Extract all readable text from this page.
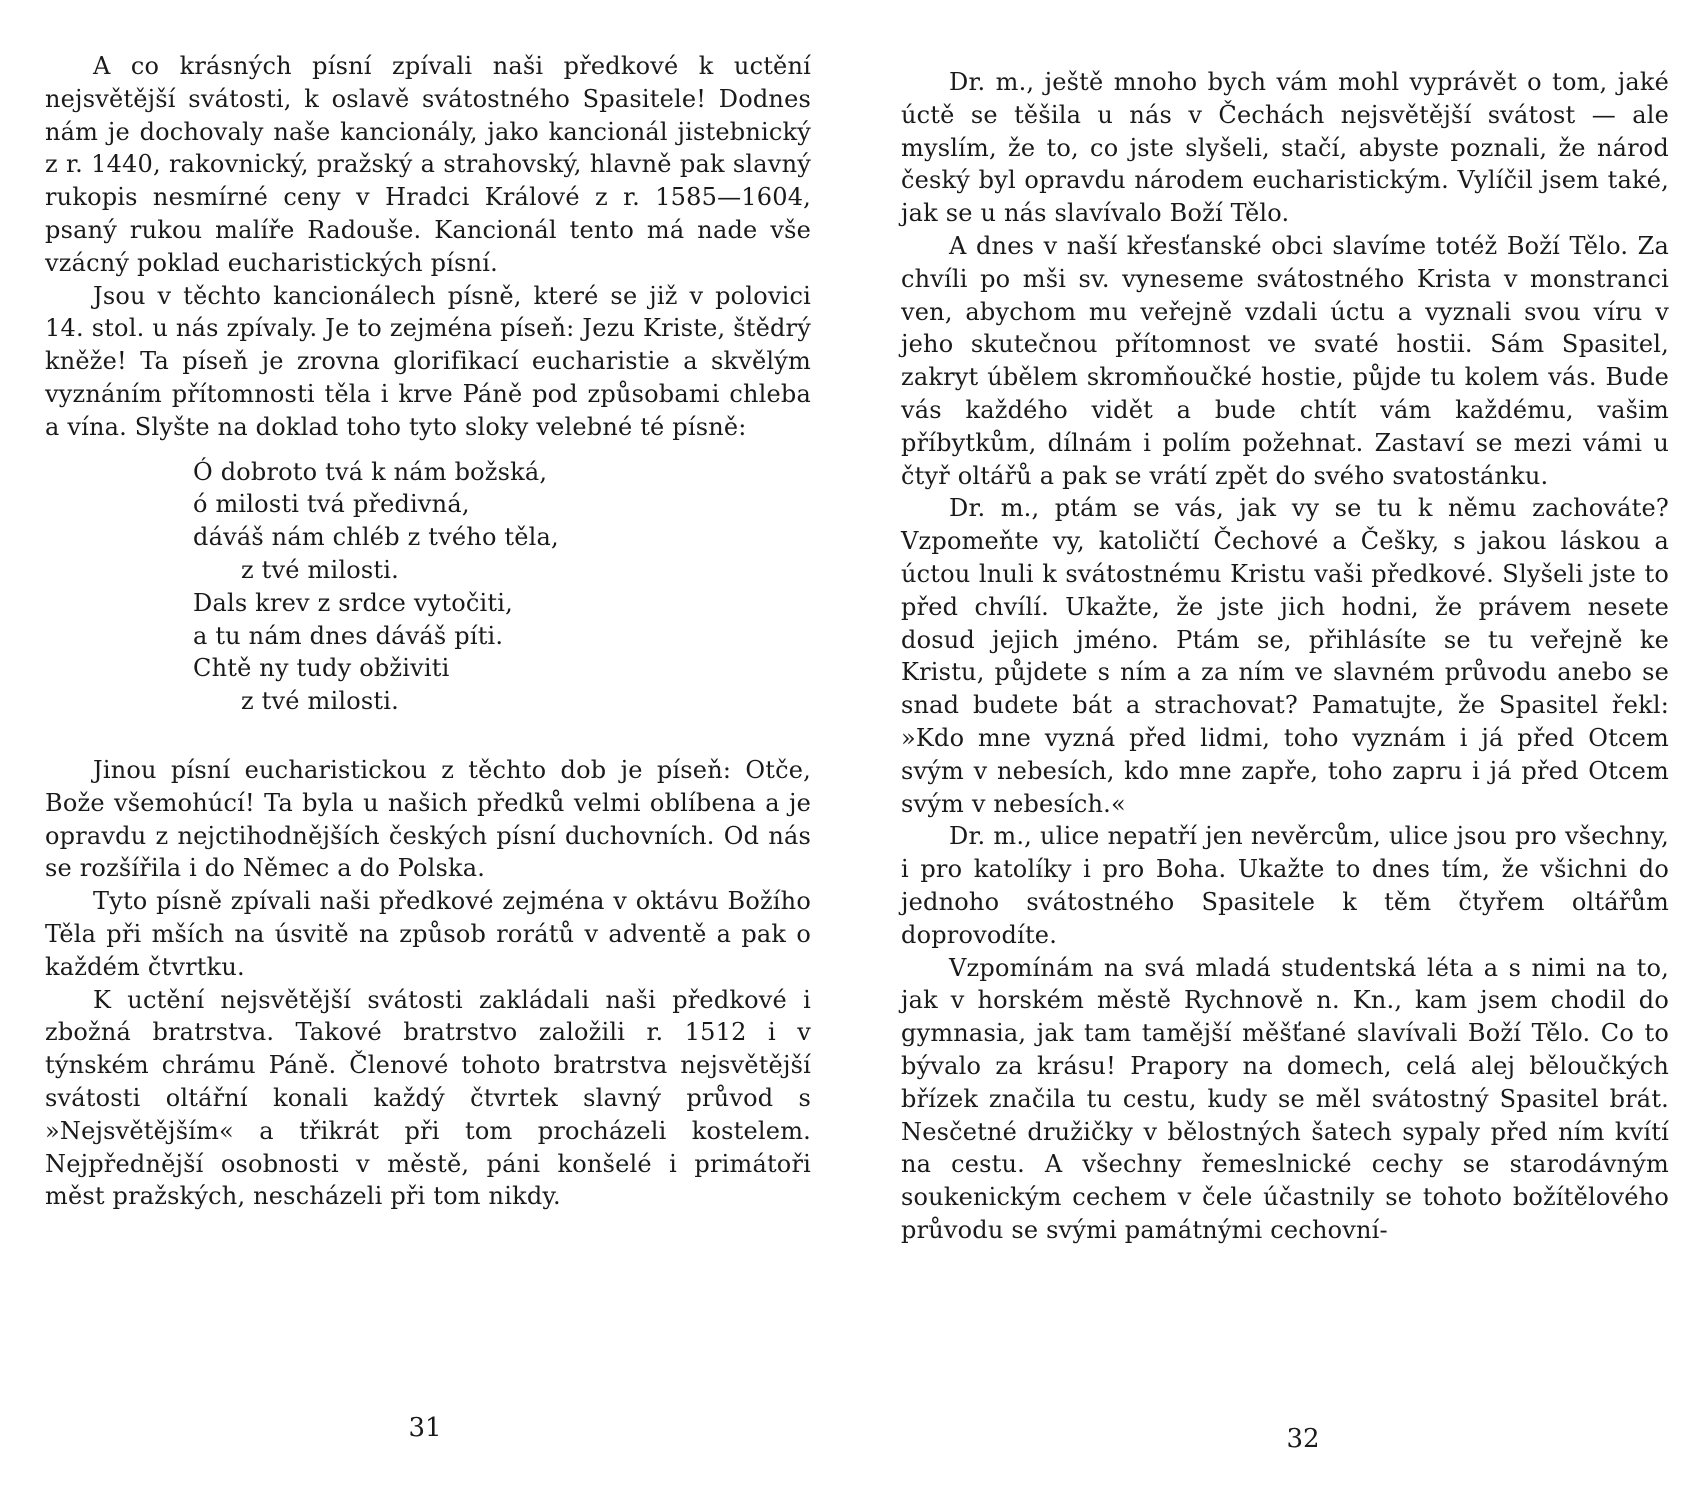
A co krásných písní zpívali naši předkové k uctění nejsvětější svátosti, k oslavě svátostného Spasitele! Dodnes nám je dochovaly naše kancionály, jako kancionál jistebnický z r. 1440, rakovnický, pražský a strahovský, hlavně pak slavný rukopis nesmírné ceny v Hradci Králové z r. 1585—1604, psaný rukou malíře Radouše. Kancionál tento má nade vše vzácný poklad eucharistických písní.

Jsou v těchto kancionálech písně, které se již v polovici 14. stol. u nás zpívaly. Je to zejména píseň: Jezu Kriste, štědrý kněže! Ta píseň je zrovna glorifikací eucharistie a skvělým vyznáním přítomnosti těla i krve Páně pod způsobami chleba a vína. Slyšte na doklad toho tyto sloky velebné té písně:

Ó dobroto tvá k nám božská,
ó milosti tvá předivná,
dáváš nám chléb z tvého těla,
z tvé milosti.
Dals krev z srdce vytočiti,
a tu nám dnes dáváš píti.
Chtě ny tudy obživiti
z tvé milosti.

Jinou písní eucharistickou z těchto dob je píseň: Otče, Bože všemohúcí! Ta byla u našich předků velmi oblíbena a je opravdu z nejctihodnějších českých písní duchovních. Od nás se rozšířila i do Němec a do Polska.

Tyto písně zpívali naši předkové zejména v oktávu Božího Těla při mších na úsvitě na způsob rorátů v adventě a pak o každém čtvrtku.

K uctění nejsvětější svátosti zakládali naši předkové i zbožná bratrstva. Takové bratrstvo založili r. 1512 i v týnském chrámu Páně. Členové tohoto bratrstva nejsvětější svátosti oltářní konali každý čtvrtek slavný průvod s »Nejsvětějším« a třikrát při tom procházeli kostelem. Nejpřednější osobnosti v městě, páni konšelé i primátoři měst pražských, nescházeli při tom nikdy.

31

Dr. m., ještě mnoho bych vám mohl vyprávět o tom, jaké úctě se těšila u nás v Čechách nejsvětější svátost — ale myslím, že to, co jste slyšeli, stačí, abyste poznali, že národ český byl opravdu národem eucharistickým. Vylíčil jsem také, jak se u nás slavívalo Boží Tělo.

A dnes v naší křesťanské obci slavíme totéž Boží Tělo. Za chvíli po mši sv. vyneseme svátostného Krista v monstranci ven, abychom mu veřejně vzdali úctu a vyznali svou víru v jeho skutečnou přítomnost ve svaté hostii. Sám Spasitel, zakryt úbělem skromňoučké hostie, půjde tu kolem vás. Bude vás každého vidět a bude chtít vám každému, vašim příbytkům, dílnám i polím požehnat. Zastaví se mezi vámi u čtyř oltářů a pak se vrátí zpět do svého svatostánku.

Dr. m., ptám se vás, jak vy se tu k němu zachováte? Vzpomeňte vy, katoličtí Čechové a Češky, s jakou láskou a úctou lnuli k svátostnému Kristu vaši předkové. Slyšeli jste to před chvílí. Ukažte, že jste jich hodni, že právem nesete dosud jejich jméno. Ptám se, přihlásíte se tu veřejně ke Kristu, půjdete s ním a za ním ve slavném průvodu anebo se snad budete bát a strachovat? Pamatujte, že Spasitel řekl: »Kdo mne vyzná před lidmi, toho vyznám i já před Otcem svým v nebesích, kdo mne zapře, toho zapru i já před Otcem svým v nebesích.«

Dr. m., ulice nepatří jen nevěrcům, ulice jsou pro všechny, i pro katolíky i pro Boha. Ukažte to dnes tím, že všichni do jednoho svátostného Spasitele k těm čtyřem oltářům doprovodíte.

Vzpomínám na svá mladá studentská léta a s nimi na to, jak v horském městě Rychnově n. Kn., kam jsem chodil do gymnasia, jak tam tamější měšťané slavívali Boží Tělo. Co to bývalo za krásu! Prapory na domech, celá alej běloučkých břízek značila tu cestu, kudy se měl svátostný Spasitel brát. Nesčetné družičky v bělostných šatech sypaly před ním kvítí na cestu. A všechny řemeslnické cechy se starodávným soukenickým cechem v čele účastnily se tohoto božítělového průvodu se svými památnými cechovní-

32
